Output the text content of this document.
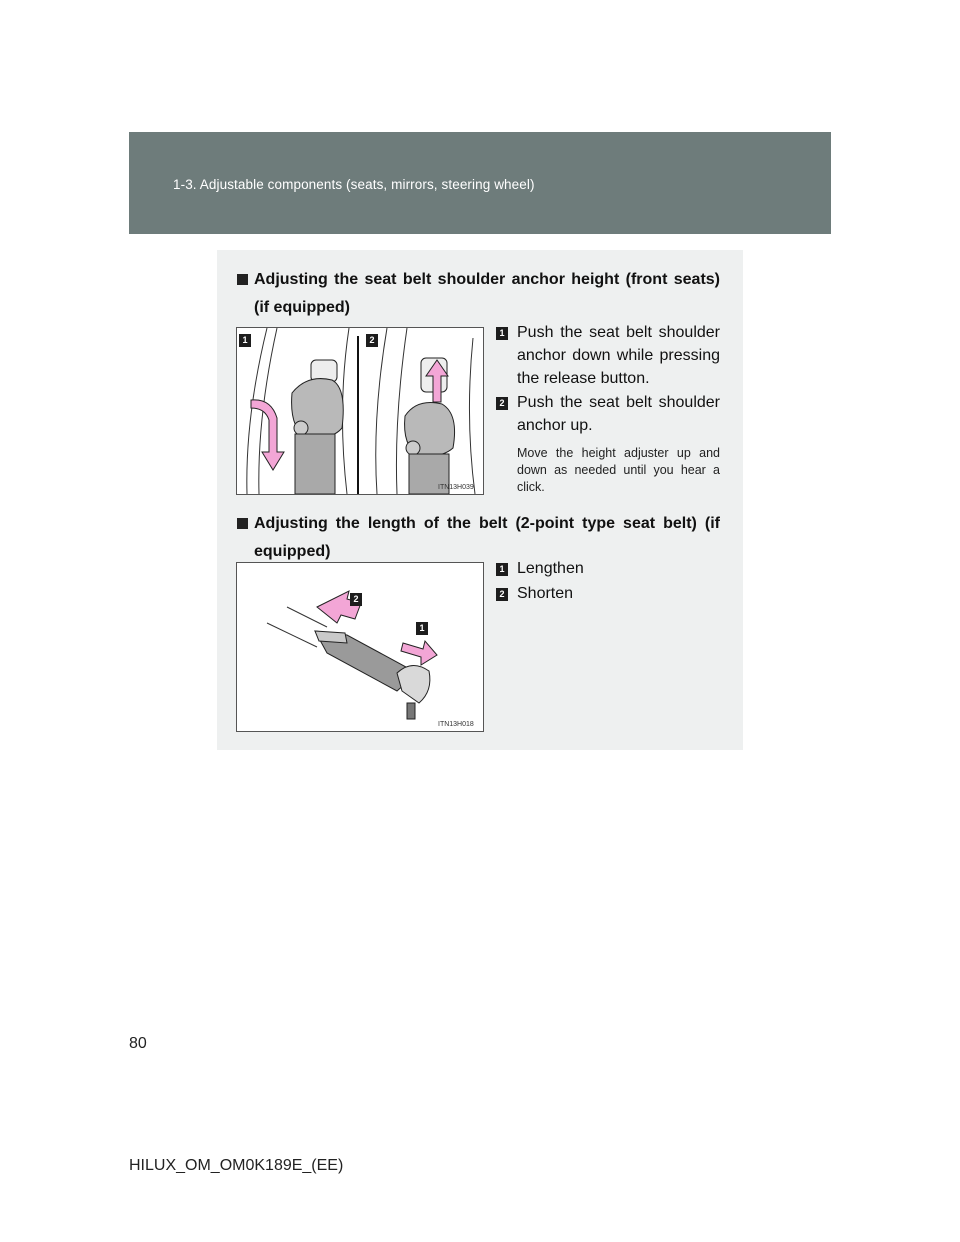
1-3. Adjustable components (seats, mirrors, steering wheel)
Adjusting the seat belt shoulder anchor height (front seats) (if equipped)
1	2
ITN13H039
1 Push the seat belt shoulder anchor down while pressing the release button.
2 Push the seat belt shoulder anchor up.
Move the height adjuster up and down as needed until you hear a click.
Adjusting the length of the belt (2-point type seat belt) (if equipped)
2
1
ITN13H018
1 Lengthen
2 Shorten
80
HILUX_OM_OM0K189E_(EE)
